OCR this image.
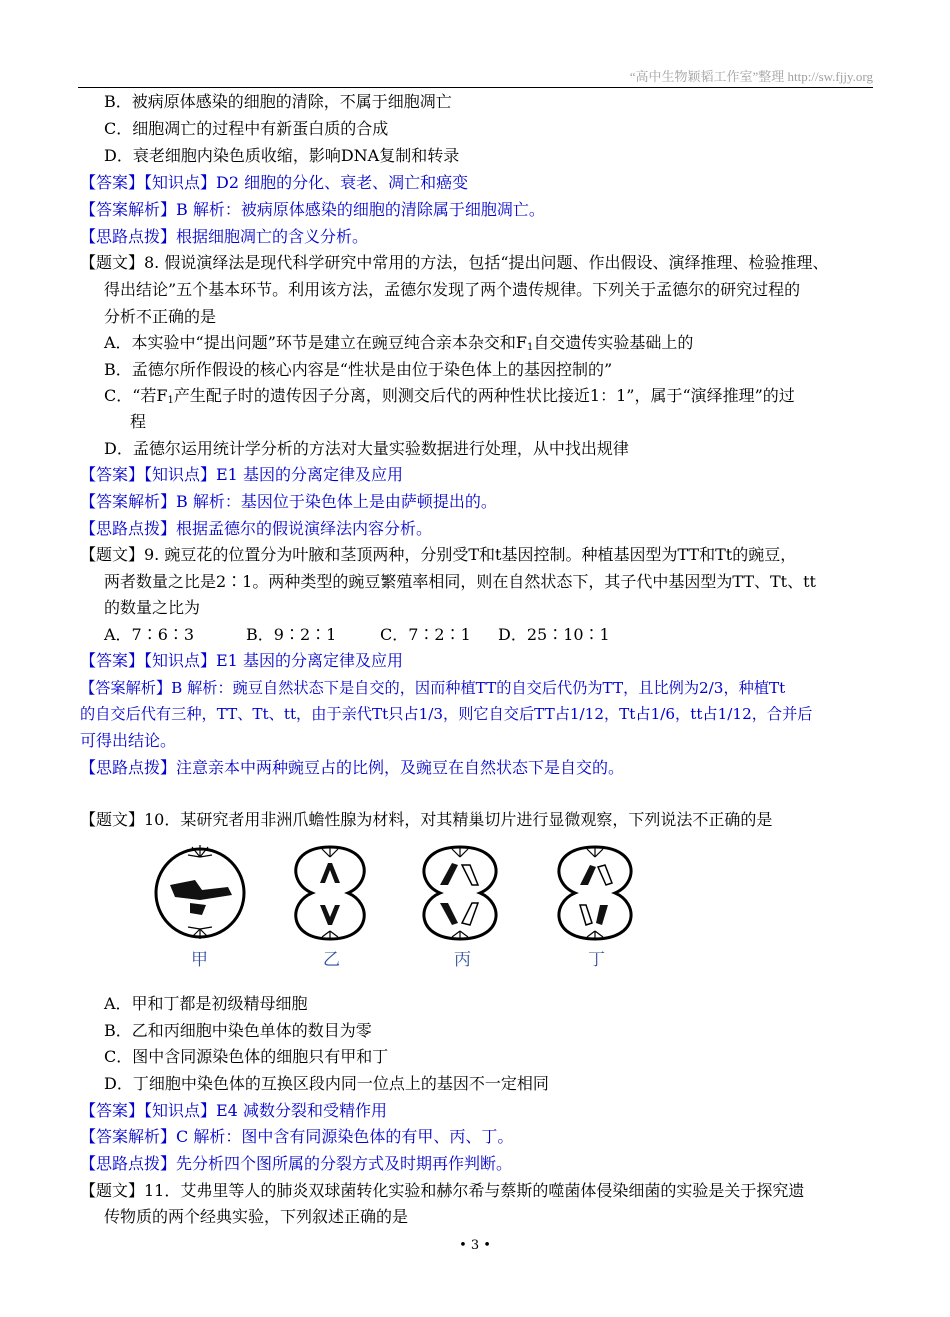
“高中生物颖韬工作室”整理 http://sw.fjjy.org
B．被病原体感染的细胞的清除，不属于细胞凋亡
C．细胞凋亡的过程中有新蛋白质的合成
D．衰老细胞内染色质收缩，影响DNA复制和转录
【答案】【知识点】D2 细胞的分化、衰老、凋亡和癌变
【答案解析】B 解析：被病原体感染的细胞的清除属于细胞凋亡。
【思路点拨】根据细胞凋亡的含义分析。
【题文】8. 假说演绎法是现代科学研究中常用的方法，包括“提出问题、作出假设、演绎推理、检验推理、
得出结论”五个基本环节。利用该方法，孟德尔发现了两个遗传规律。下列关于孟德尔的研究过程的
分析不正确的是
A．本实验中“提出问题”环节是建立在豌豆纯合亲本杂交和$F_1$自交遗传实验基础上的
B．孟德尔所作假设的核心内容是“性状是由位于染色体上的基因控制的”
C．“若$F_1$产生配子时的遗传因子分离，则测交后代的两种性状比接近1：1”，属于“演绎推理”的过
程
D．孟德尔运用统计学分析的方法对大量实验数据进行处理，从中找出规律
【答案】【知识点】E1 基因的分离定律及应用
【答案解析】B 解析：基因位于染色体上是由萨顿提出的。
【思路点拨】根据孟德尔的假说演绎法内容分析。
【题文】9. 豌豆花的位置分为叶腋和茎顶两种，分别受T和t基因控制。种植基因型为TT和Tt的豌豆，
两者数量之比是2∶1。两种类型的豌豆繁殖率相同，则在自然状态下，其子代中基因型为TT、Tt、tt
的数量之比为
A．7∶6∶3	B．9∶2∶1	C．7∶2∶1 D．25∶10∶1
【答案】【知识点】E1 基因的分离定律及应用
【答案解析】B 解析：豌豆自然状态下是自交的，因而种植TT的自交后代仍为TT，且比例为2/3，种植Tt
的自交后代有三种，TT、Tt、tt，由于亲代Tt只占1/3，则它自交后TT占1/12，Tt占1/6，tt占1/12，合并后
可得出结论。
【思路点拨】注意亲本中两种豌豆占的比例，及豌豆在自然状态下是自交的。
【题文】10．某研究者用非洲爪蟾性腺为材料，对其精巢切片进行显微观察，下列说法不正确的是
甲	乙	丙	丁
A．甲和丁都是初级精母细胞
B．乙和丙细胞中染色单体的数目为零
C．图中含同源染色体的细胞只有甲和丁
D．丁细胞中染色体的互换区段内同一位点上的基因不一定相同
【答案】【知识点】E4 减数分裂和受精作用
【答案解析】C 解析：图中含有同源染色体的有甲、丙、丁。
【思路点拨】先分析四个图所属的分裂方式及时期再作判断。
【题文】11．艾弗里等人的肺炎双球菌转化实验和赫尔希与蔡斯的噬菌体侵染细菌的实验是关于探究遗
传物质的两个经典实验，下列叙述正确的是
• 3 •
